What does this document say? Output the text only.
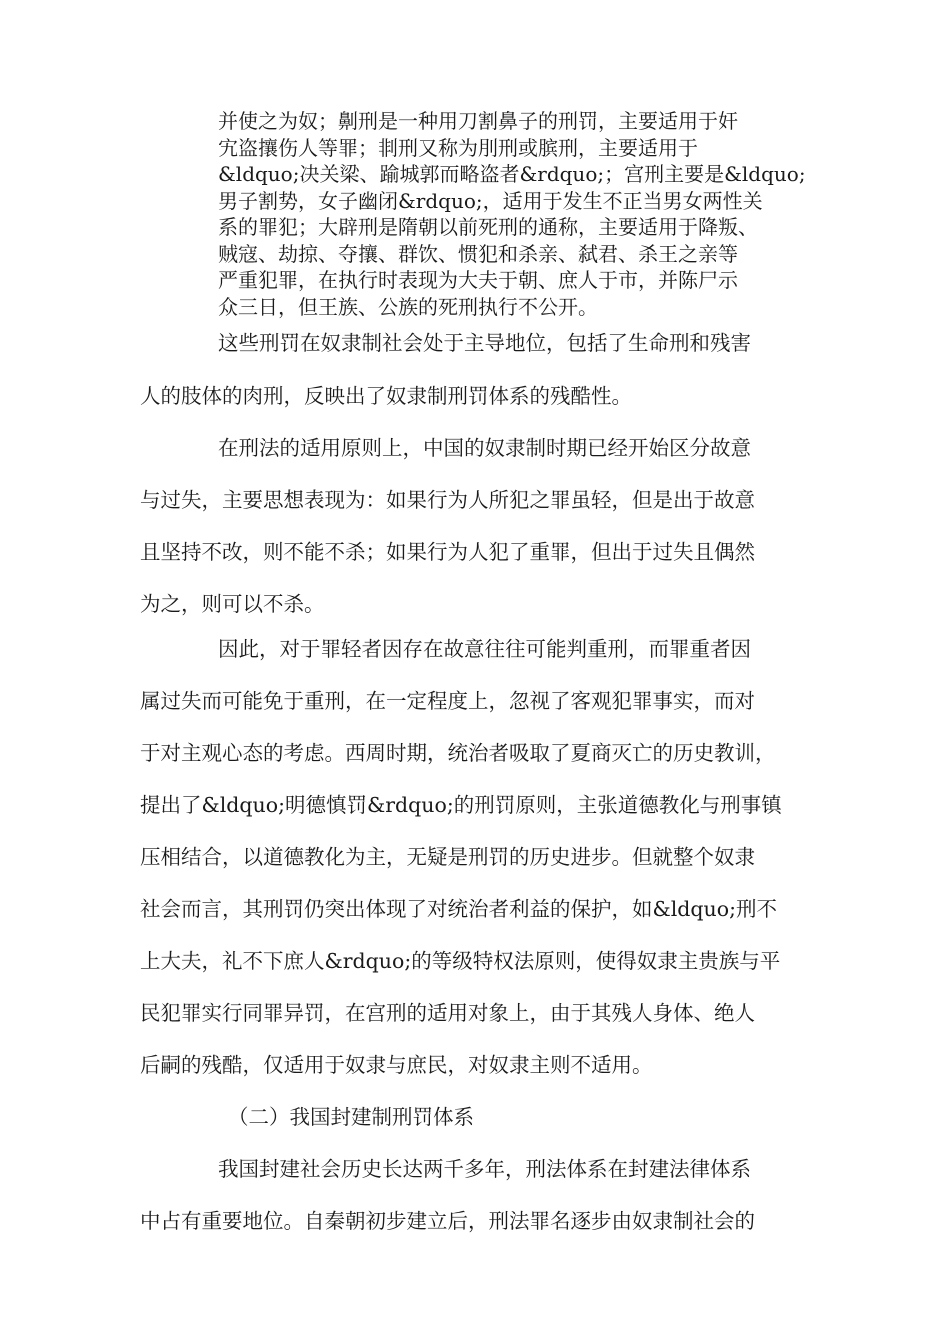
并使之为奴；劓刑是一种用刀割鼻子的刑罚，主要适用于奸
宄盗攘伤人等罪；剕刑又称为刖刑或膑刑，主要适用于
&ldquo;决关梁、踰城郭而略盗者&rdquo;；宫刑主要是&ldquo;
男子割势，女子幽闭&rdquo;，适用于发生不正当男女两性关
系的罪犯；大辟刑是隋朝以前死刑的通称，主要适用于降叛、
贼寇、劫掠、夺攘、群饮、惯犯和杀亲、弑君、杀王之亲等
严重犯罪，在执行时表现为大夫于朝、庶人于市，并陈尸示
众三日，但王族、公族的死刑执行不公开。
这些刑罚在奴隶制社会处于主导地位，包括了生命刑和残害
人的肢体的肉刑，反映出了奴隶制刑罚体系的残酷性。
在刑法的适用原则上，中国的奴隶制时期已经开始区分故意
与过失，主要思想表现为：如果行为人所犯之罪虽轻，但是出于故意
且坚持不改，则不能不杀；如果行为人犯了重罪，但出于过失且偶然
为之，则可以不杀。
因此，对于罪轻者因存在故意往往可能判重刑，而罪重者因
属过失而可能免于重刑，在一定程度上，忽视了客观犯罪事实，而对
于对主观心态的考虑。西周时期，统治者吸取了夏商灭亡的历史教训，
提出了&ldquo;明德慎罚&rdquo;的刑罚原则，主张道德教化与刑事镇
压相结合，以道德教化为主，无疑是刑罚的历史进步。但就整个奴隶
社会而言，其刑罚仍突出体现了对统治者利益的保护，如&ldquo;刑不
上大夫，礼不下庶人&rdquo;的等级特权法原则，使得奴隶主贵族与平
民犯罪实行同罪异罚，在宫刑的适用对象上，由于其残人身体、绝人
后嗣的残酷，仅适用于奴隶与庶民，对奴隶主则不适用。
（二）我国封建制刑罚体系
我国封建社会历史长达两千多年，刑法体系在封建法律体系
中占有重要地位。自秦朝初步建立后，刑法罪名逐步由奴隶制社会的
